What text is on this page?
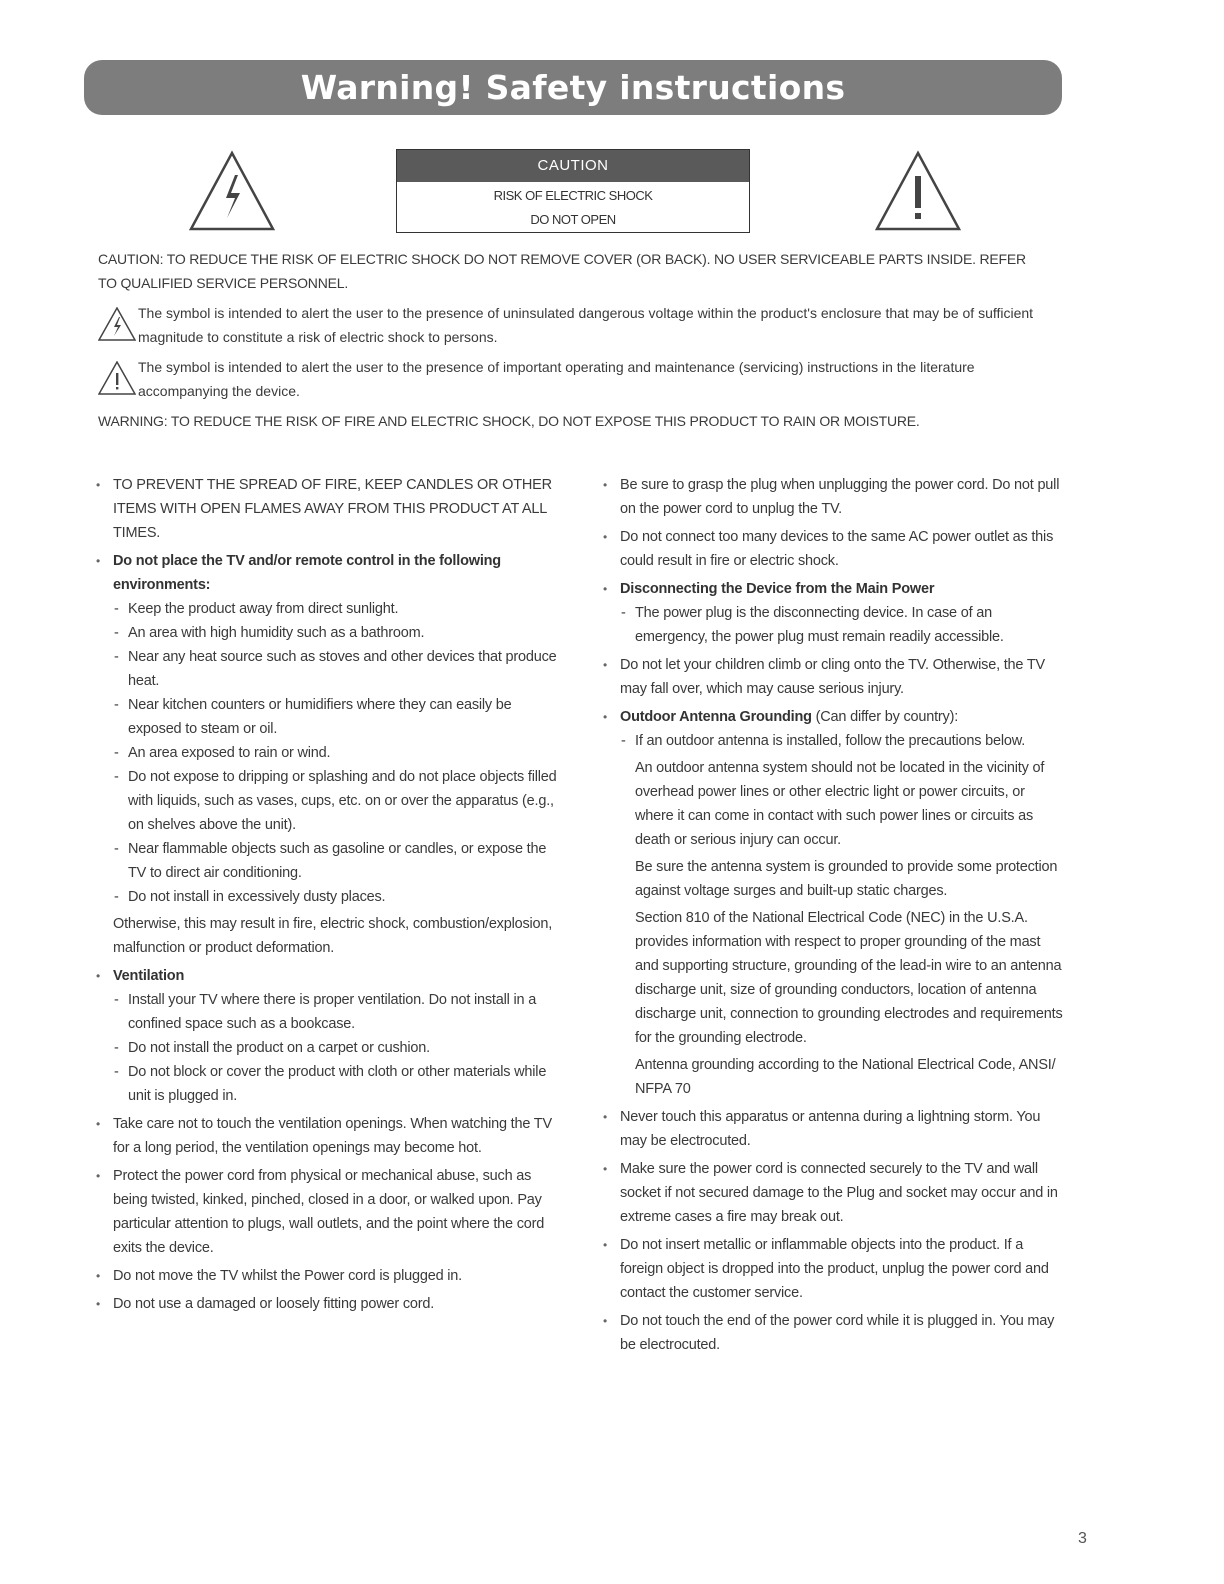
Warning! Safety instructions
CAUTION
RISK OF ELECTRIC SHOCK
DO NOT OPEN
CAUTION: TO REDUCE THE RISK OF ELECTRIC SHOCK DO NOT REMOVE COVER (OR BACK). NO USER SERVICEABLE PARTS INSIDE. REFER TO QUALIFIED SERVICE PERSONNEL.
The symbol is intended to alert the user to the presence of uninsulated dangerous voltage within the product's enclosure that may be of sufficient magnitude to constitute a risk of electric shock to persons.
The symbol is intended to alert the user to the presence of important operating and maintenance (servicing) instructions in the literature accompanying the device.
WARNING: TO REDUCE THE RISK OF FIRE AND ELECTRIC SHOCK, DO NOT EXPOSE THIS PRODUCT TO RAIN OR MOISTURE.
• TO PREVENT THE SPREAD OF FIRE, KEEP CANDLES OR OTHER ITEMS WITH OPEN FLAMES AWAY FROM THIS PRODUCT AT ALL TIMES.
• Do not place the TV and/or remote control in the following environments:
- Keep the product away from direct sunlight.
- An area with high humidity such as a bathroom.
- Near any heat source such as stoves and other devices that produce heat.
- Near kitchen counters or humidifiers where they can easily be exposed to steam or oil.
- An area exposed to rain or wind.
- Do not expose to dripping or splashing and do not place objects filled with liquids, such as vases, cups, etc. on or over the apparatus (e.g., on shelves above the unit).
- Near flammable objects such as gasoline or candles, or expose the TV to direct air conditioning.
- Do not install in excessively dusty places.
Otherwise, this may result in fire, electric shock, combustion/explosion, malfunction or product deformation.
• Ventilation
- Install your TV where there is proper ventilation. Do not install in a confined space such as a bookcase.
- Do not install the product on a carpet or cushion.
- Do not block or cover the product with cloth or other materials while unit is plugged in.
• Take care not to touch the ventilation openings. When watching the TV for a long period, the ventilation openings may become hot.
• Protect the power cord from physical or mechanical abuse, such as being twisted, kinked, pinched, closed in a door, or walked upon. Pay particular attention to plugs, wall outlets, and the point where the cord exits the device.
• Do not move the TV whilst the Power cord is plugged in.
• Do not use a damaged or loosely fitting power cord.
• Be sure to grasp the plug when unplugging the power cord. Do not pull on the power cord to unplug the TV.
• Do not connect too many devices to the same AC power outlet as this could result in fire or electric shock.
• Disconnecting the Device from the Main Power
- The power plug is the disconnecting device. In case of an emergency, the power plug must remain readily accessible.
• Do not let your children climb or cling onto the TV. Otherwise, the TV may fall over, which may cause serious injury.
• Outdoor Antenna Grounding (Can differ by country):
- If an outdoor antenna is installed, follow the precautions below.
An outdoor antenna system should not be located in the vicinity of overhead power lines or other electric light or power circuits, or where it can come in contact with such power lines or circuits as death or serious injury can occur.
Be sure the antenna system is grounded to provide some protection against voltage surges and built-up static charges.
Section 810 of the National Electrical Code (NEC) in the U.S.A. provides information with respect to proper grounding of the mast and supporting structure, grounding of the lead-in wire to an antenna discharge unit, size of grounding conductors, location of antenna discharge unit, connection to grounding electrodes and requirements for the grounding electrode.
Antenna grounding according to the National Electrical Code, ANSI/ NFPA 70
• Never touch this apparatus or antenna during a lightning storm. You may be electrocuted.
• Make sure the power cord is connected securely to the TV and wall socket if not secured damage to the Plug and socket may occur and in extreme cases a fire may break out.
• Do not insert metallic or inflammable objects into the product. If a foreign object is dropped into the product, unplug the power cord and contact the customer service.
• Do not touch the end of the power cord while it is plugged in. You may be electrocuted.
3
